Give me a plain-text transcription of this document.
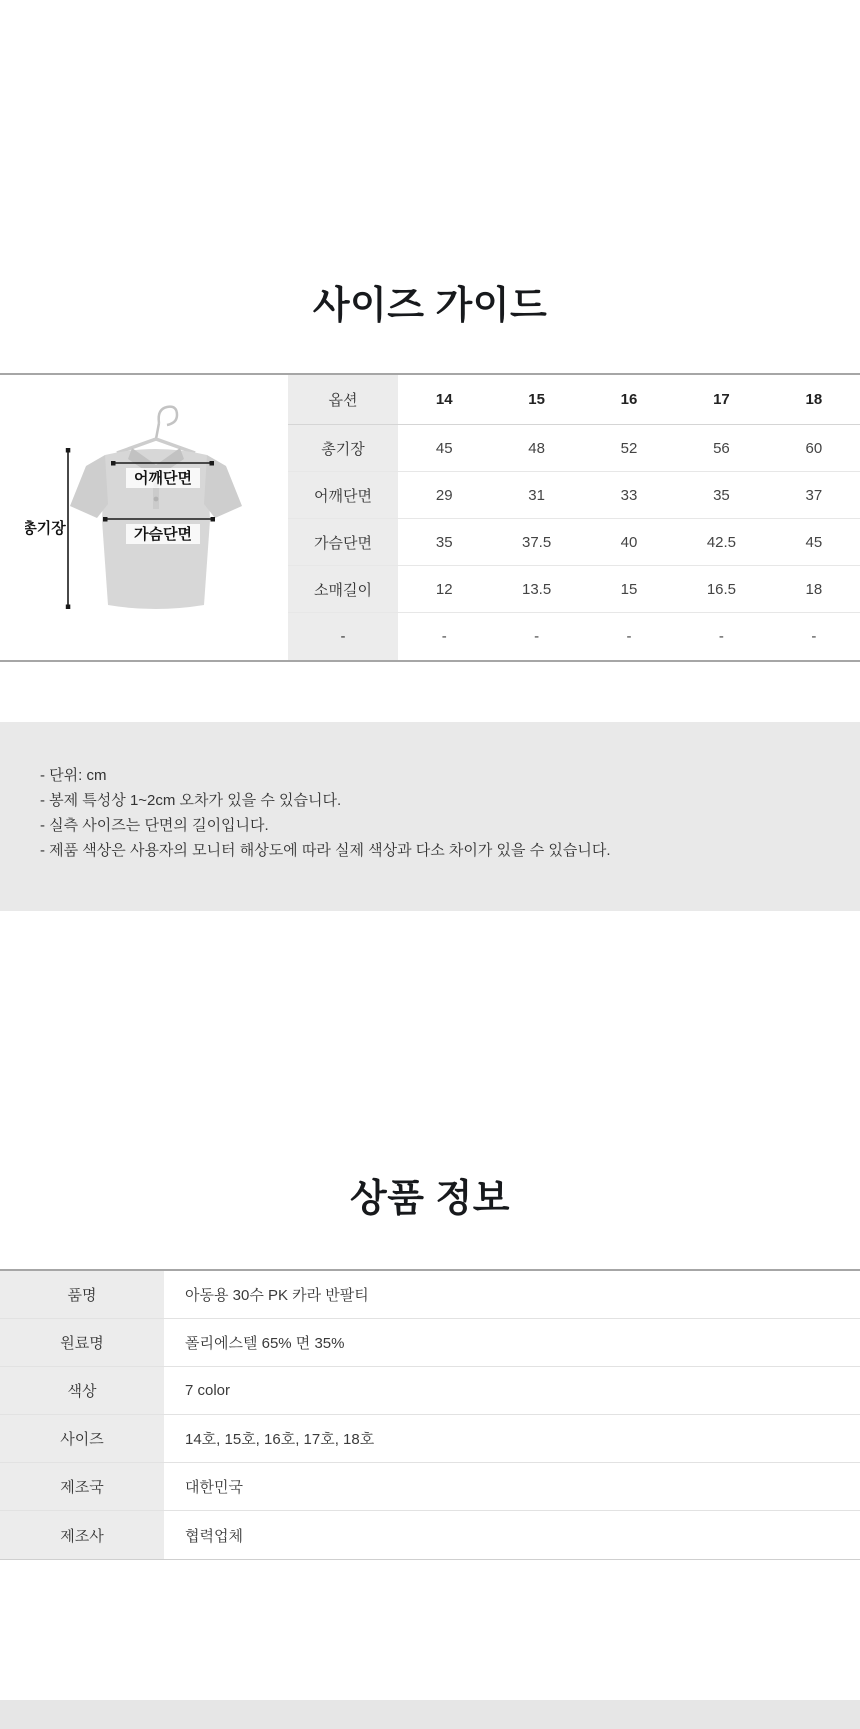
사이즈 가이드
어깨단면
가슴단면
총기장
옵션	14	15	16	17	18
총기장	45	48	52	56	60
어깨단면	29	31	33	35	37
가슴단면	35	37.5	40	42.5	45
소매길이	12	13.5	15	16.5	18
-	-	-	-	-	-
- 단위: cm
- 봉제 특성상 1~2cm 오차가 있을 수 있습니다.
- 실측 사이즈는 단면의 길이입니다.
- 제품 색상은 사용자의 모니터 해상도에 따라 실제 색상과 다소 차이가 있을 수 있습니다.
상품 정보
품명	아동용 30수 PK 카라 반팔티
원료명	폴리에스텔 65% 면 35%
색상	7 color
사이즈	14호, 15호, 16호, 17호, 18호
제조국	대한민국
제조사	협력업체
